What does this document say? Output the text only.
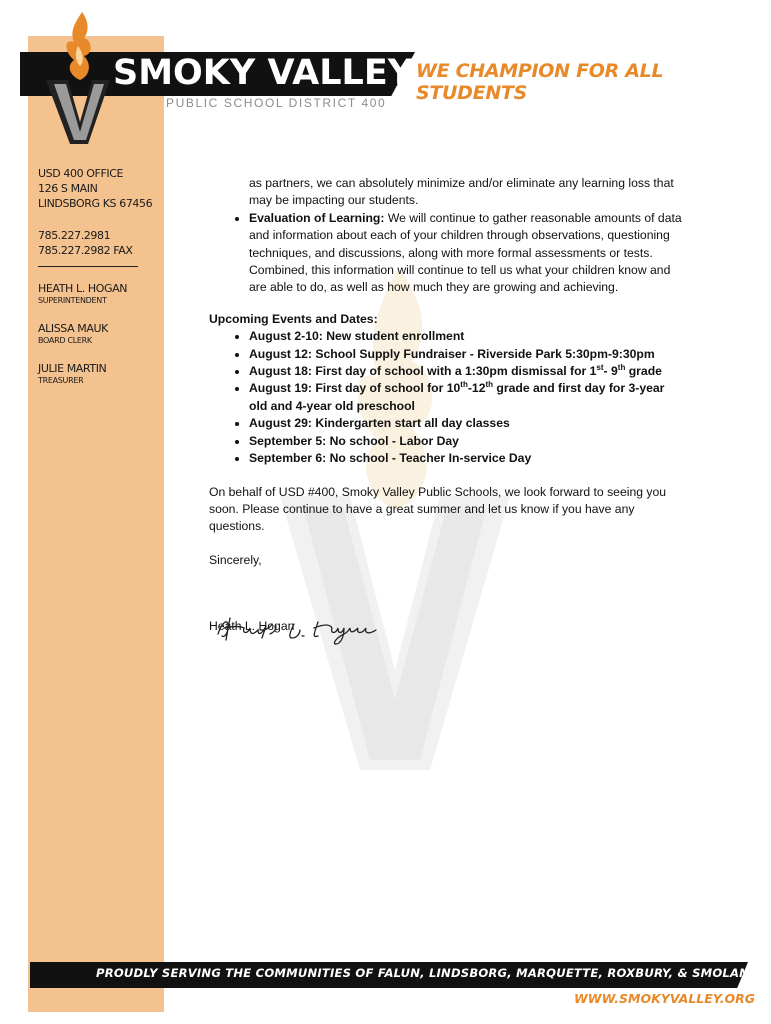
SMOKY VALLEY WE CHAMPION FOR ALL STUDENTS
PUBLIC SCHOOL DISTRICT 400
USD 400 OFFICE
126 S MAIN
LINDSBORG KS 67456
785.227.2981
785.227.2982 FAX
HEATH L. HOGAN
SUPERINTENDENT
ALISSA MAUK
BOARD CLERK
JULIE MARTIN
TREASURER

as partners, we can absolutely minimize and/or eliminate any learning loss that may be impacting our students.

• Evaluation of Learning: We will continue to gather reasonable amounts of data and information about each of your children through observations, questioning techniques, and discussions, along with more formal assessments or tests. Combined, this information will continue to tell us what your children know and are able to do, as well as how much they are growing and achieving.

Upcoming Events and Dates:

• August 2-10: New student enrollment
• August 12: School Supply Fundraiser - Riverside Park 5:30pm-9:30pm
• August 18: First day of school with a 1:30pm dismissal for 1st- 9th grade
• August 19: First day of school for 10th-12th grade and first day for 3-year old and 4-year old preschool
• August 29: Kindergarten start all day classes
• September 5: No school - Labor Day
• September 6: No school - Teacher In-service Day

On behalf of USD #400, Smoky Valley Public Schools, we look forward to seeing you soon. Please continue to have a great summer and let us know if you have any questions.

Sincerely,

Heath L. Hogan

PROUDLY SERVING THE COMMUNITIES OF FALUN, LINDSBORG, MARQUETTE, ROXBURY, & SMOLAN
WWW.SMOKYVALLEY.ORG
